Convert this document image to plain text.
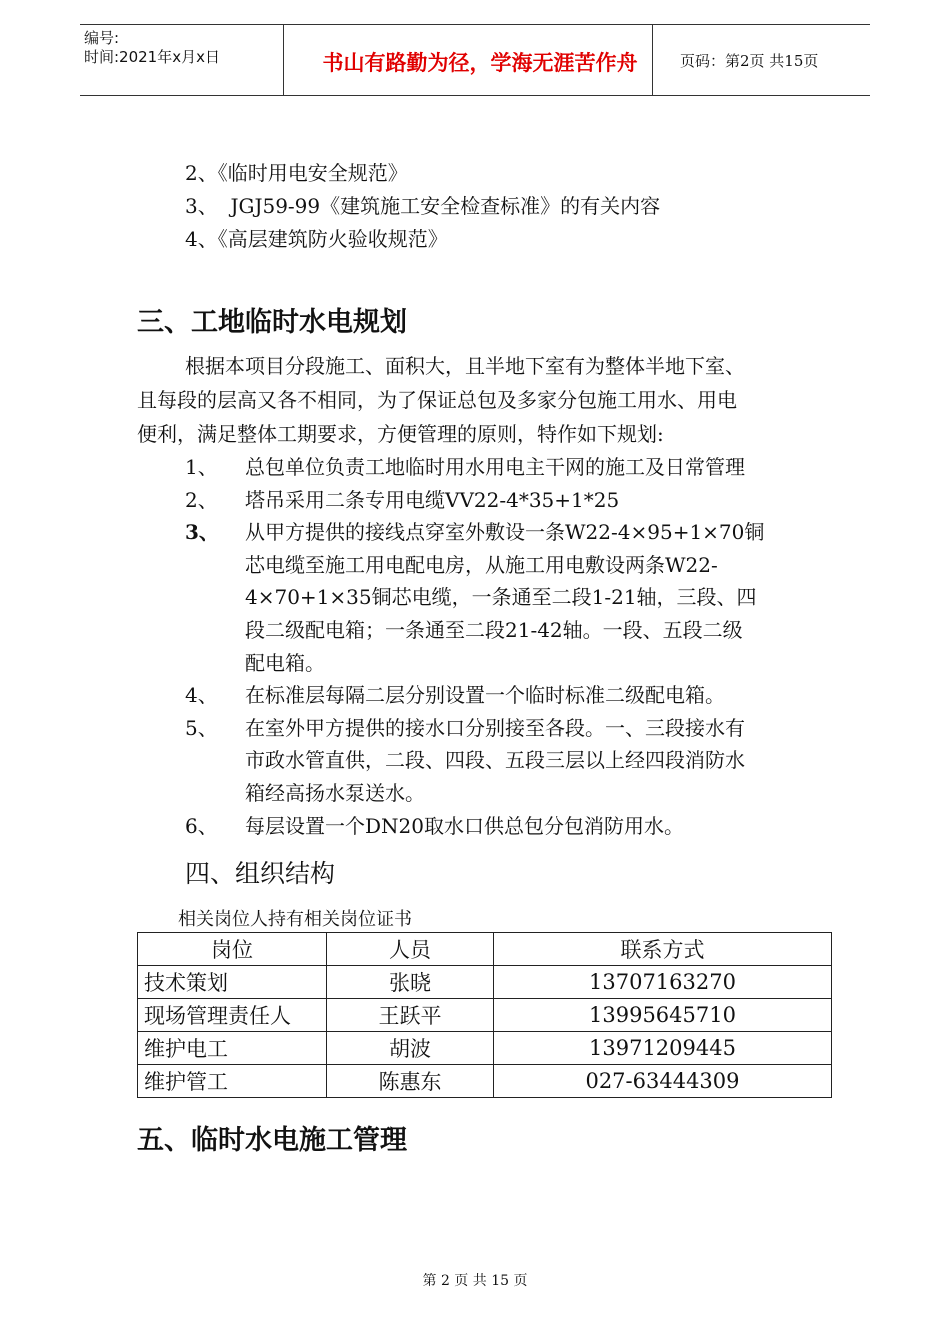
编号:
时间:2021年x月x日	书山有路勤为径，学海无涯苦作舟	页码：第2页 共15页
2、《临时用电安全规范》
3、 JGJ59-99《建筑施工安全检查标准》的有关内容
4、《高层建筑防火验收规范》
三、工地临时水电规划
根据本项目分段施工、面积大，且半地下室有为整体半地下室、
且每段的层高又各不相同，为了保证总包及多家分包施工用水、用电
便利，满足整体工期要求，方便管理的原则，特作如下规划:
1、 总包单位负责工地临时用水用电主干网的施工及日常管理
2、 塔吊采用二条专用电缆VV22-4*35+1*25
3、 从甲方提供的接线点穿室外敷设一条W22-4×95+1×70铜
芯电缆至施工用电配电房，从施工用电敷设两条W22-
4×70+1×35铜芯电缆，一条通至二段1-21轴，三段、四
段二级配电箱；一条通至二段21-42轴。一段、五段二级
配电箱。
4、 在标准层每隔二层分别设置一个临时标准二级配电箱。
5、 在室外甲方提供的接水口分别接至各段。一、三段接水有
市政水管直供，二段、四段、五段三层以上经四段消防水
箱经高扬水泵送水。
6、 每层设置一个DN20取水口供总包分包消防用水。
四、组织结构
相关岗位人持有相关岗位证书
岗位	人员	联系方式
技术策划	张晓	13707163270
现场管理责任人	王跃平	13995645710
维护电工	胡波	13971209445
维护管工	陈惠东	027-63444309
五、临时水电施工管理
第 2 页 共 15 页
